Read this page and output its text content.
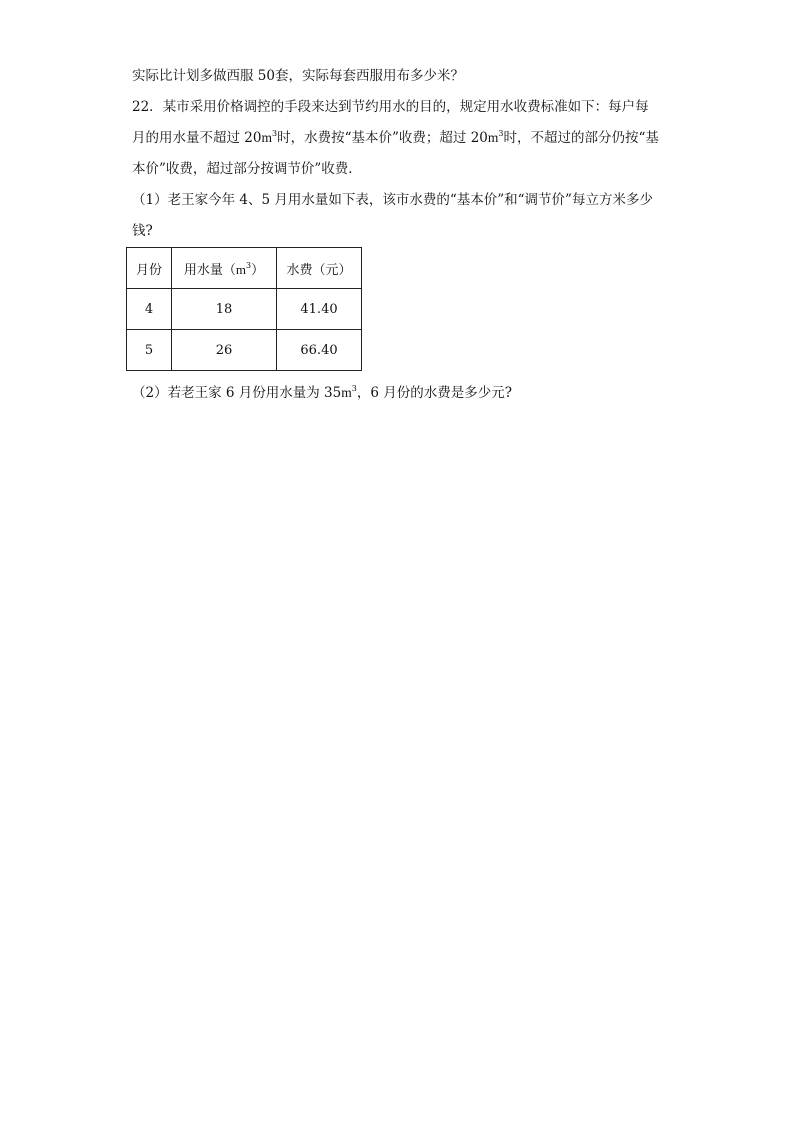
实际比计划多做西服 50套，实际每套西服用布多少米？
22．某市采用价格调控的手段来达到节约用水的目的，规定用水收费标准如下：每户每
月的用水量不超过 $20m^3$时，水费按“基本价”收费；超过 $20m^3$时，不超过的部分仍按“基
本价”收费，超过部分按调节价”收费．
（1）老王家今年 4、5 月用水量如下表，该市水费的“基本价”和“调节价”每立方米多少
钱?
月份	用水量$(m^3)$	水费（元）
4	18	41.40
5	26	66.40
（2）若老王家 6 月份用水量为 $35m^3$，6 月份的水费是多少元?
